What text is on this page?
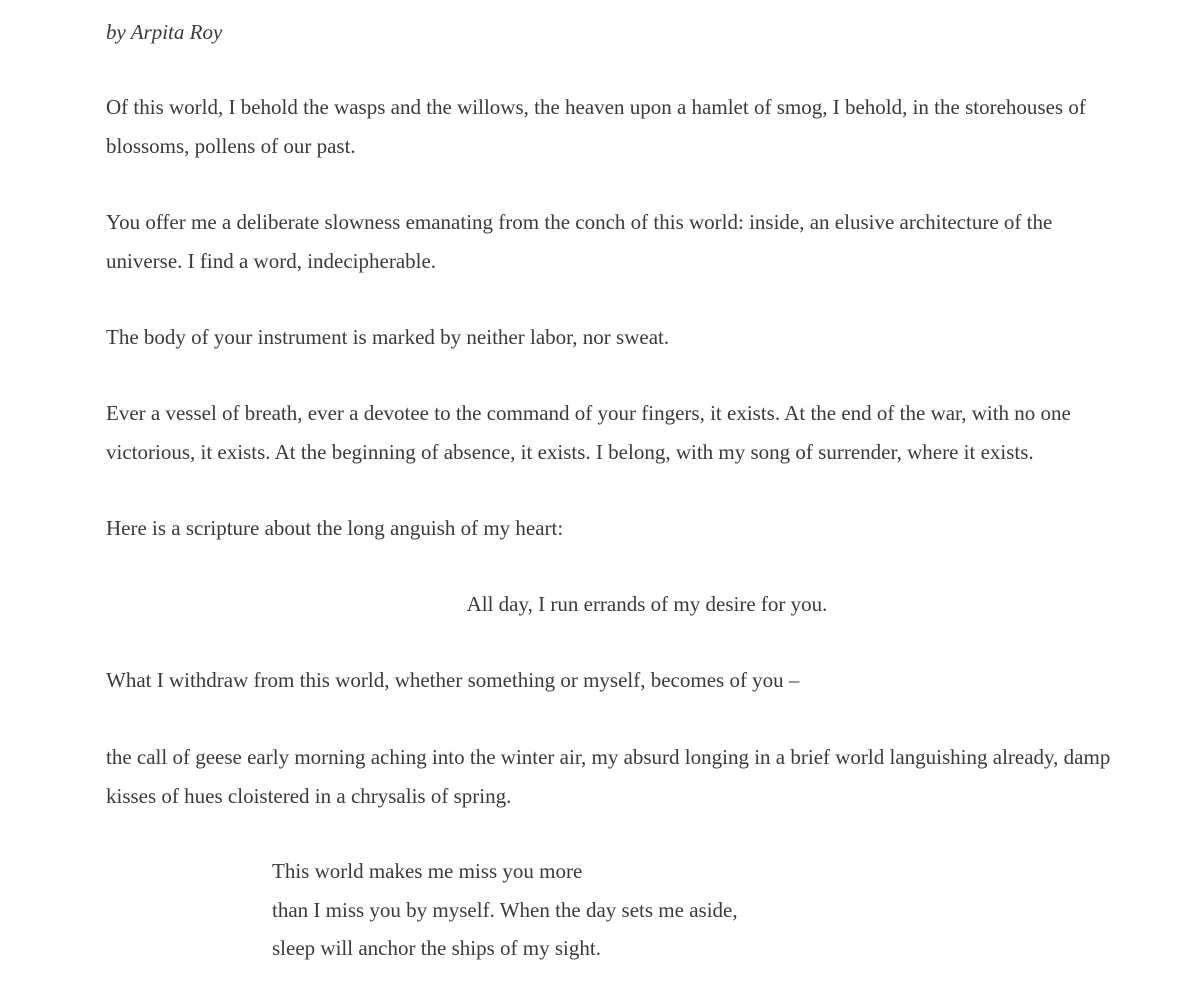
by Arpita Roy

Of this world, I behold the wasps and the willows, the heaven upon a hamlet of smog, I behold, in the storehouses of blossoms, pollens of our past.

You offer me a deliberate slowness emanating from the conch of this world: inside, an elusive architecture of the universe. I find a word, indecipherable.

The body of your instrument is marked by neither labor, nor sweat.

Ever a vessel of breath, ever a devotee to the command of your fingers, it exists. At the end of the war, with no one victorious, it exists. At the beginning of absence, it exists. I belong, with my song of surrender, where it exists.

Here is a scripture about the long anguish of my heart:

All day, I run errands of my desire for you.

What I withdraw from this world, whether something or myself, becomes of you –

the call of geese early morning aching into the winter air, my absurd longing in a brief world languishing already, damp kisses of hues cloistered in a chrysalis of spring.

This world makes me miss you more
than I miss you by myself. When the day sets me aside,
sleep will anchor the ships of my sight.
